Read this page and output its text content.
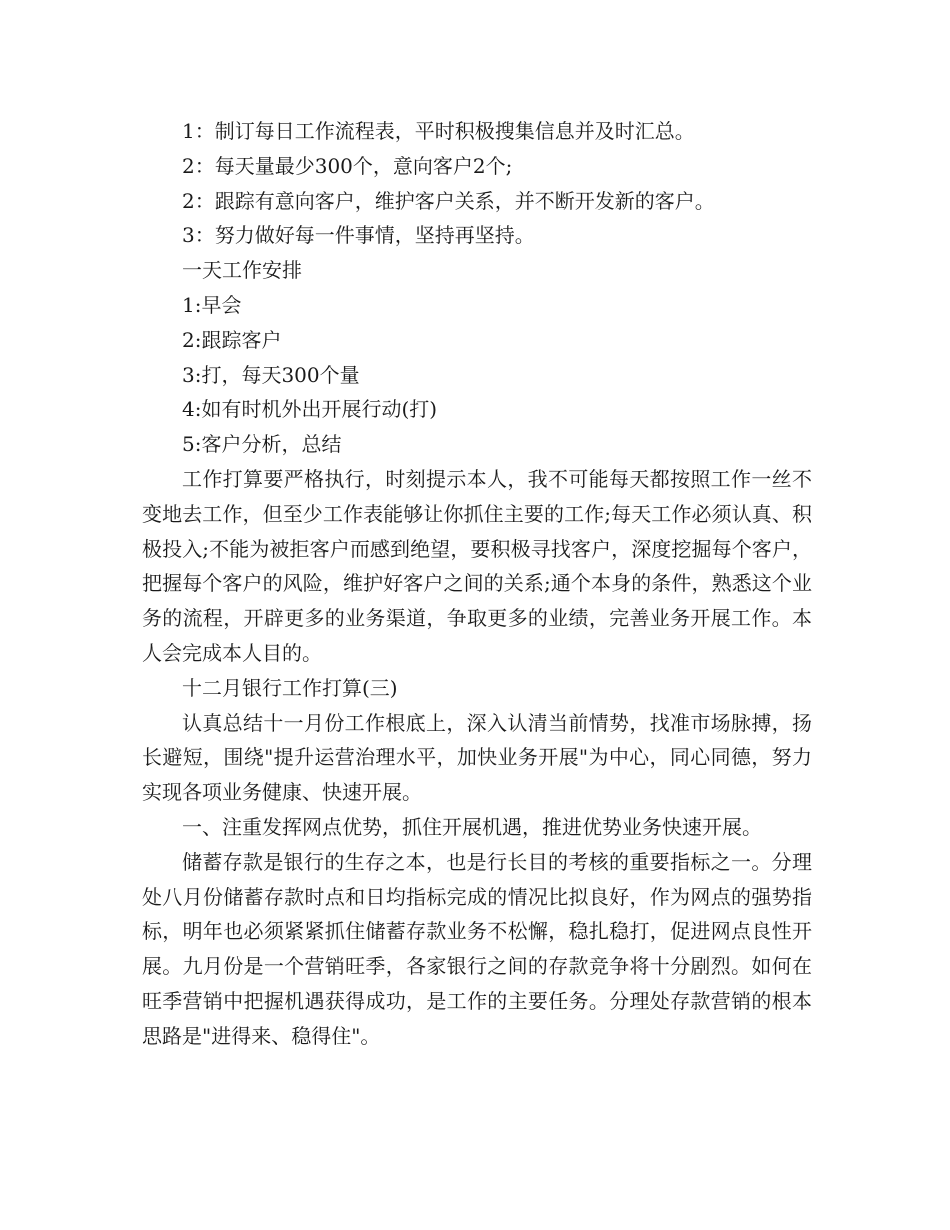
1：制订每日工作流程表，平时积极搜集信息并及时汇总。

2：每天量最少300个，意向客户2个;

2：跟踪有意向客户，维护客户关系，并不断开发新的客户。

3：努力做好每一件事情，坚持再坚持。

一天工作安排

1:早会

2:跟踪客户

3:打，每天300个量

4:如有时机外出开展行动(打)

5:客户分析，总结

工作打算要严格执行，时刻提示本人，我不可能每天都按照工作一丝不变地去工作，但至少工作表能够让你抓住主要的工作;每天工作必须认真、积极投入;不能为被拒客户而感到绝望，要积极寻找客户，深度挖掘每个客户，把握每个客户的风险，维护好客户之间的关系;通个本身的条件，熟悉这个业务的流程，开辟更多的业务渠道，争取更多的业绩，完善业务开展工作。本人会完成本人目的。

十二月银行工作打算(三)

认真总结十一月份工作根底上，深入认清当前情势，找准市场脉搏，扬长避短，围绕"提升运营治理水平，加快业务开展"为中心，同心同德，努力实现各项业务健康、快速开展。

一、注重发挥网点优势，抓住开展机遇，推进优势业务快速开展。

储蓄存款是银行的生存之本，也是行长目的考核的重要指标之一。分理处八月份储蓄存款时点和日均指标完成的情况比拟良好，作为网点的强势指标，明年也必须紧紧抓住储蓄存款业务不松懈，稳扎稳打，促进网点良性开展。九月份是一个营销旺季，各家银行之间的存款竞争将十分剧烈。如何在旺季营销中把握机遇获得成功，是工作的主要任务。分理处存款营销的根本思路是"进得来、稳得住"。
